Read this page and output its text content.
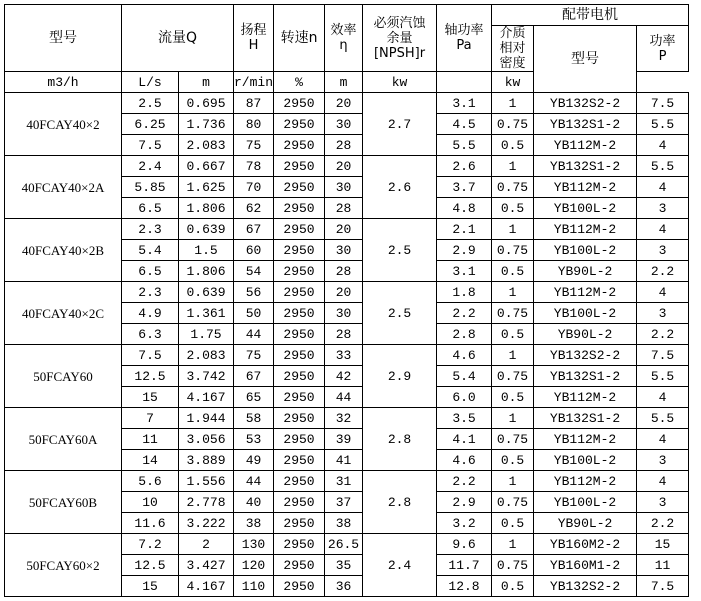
型号	流量Q		扬程
H	转速n	效率
η	必须汽蚀
余量
[NPSH]r	轴功率
Pa	配带电机		
								介质
相对
密度	型号	功率
P
m3/h	L/s	m	r/min	%	m	kw		kw		
40FCAY40×2	2.5	0.695	87	2950	20	2.7	3.1	1	YB132S2-2	7.5
	6.25	1.736	80	2950	30		4.5	0.75	YB132S1-2	5.5
	7.5	2.083	75	2950	28		5.5	0.5	YB112M-2	4
40FCAY40×2A	2.4	0.667	78	2950	20	2.6	2.6	1	YB132S1-2	5.5
	5.85	1.625	70	2950	30		3.7	0.75	YB112M-2	4
	6.5	1.806	62	2950	28		4.8	0.5	YB100L-2	3
40FCAY40×2B	2.3	0.639	67	2950	20	2.5	2.1	1	YB112M-2	4
	5.4	1.5	60	2950	30		2.9	0.75	YB100L-2	3
	6.5	1.806	54	2950	28		3.1	0.5	YB90L-2	2.2
40FCAY40×2C	2.3	0.639	56	2950	20	2.5	1.8	1	YB112M-2	4
	4.9	1.361	50	2950	30		2.2	0.75	YB100L-2	3
	6.3	1.75	44	2950	28		2.8	0.5	YB90L-2	2.2
50FCAY60	7.5	2.083	75	2950	33	2.9	4.6	1	YB132S2-2	7.5
	12.5	3.742	67	2950	42		5.4	0.75	YB132S1-2	5.5
	15	4.167	65	2950	44		6.0	0.5	YB112M-2	4
50FCAY60A	7	1.944	58	2950	32	2.8	3.5	1	YB132S1-2	5.5
	11	3.056	53	2950	39		4.1	0.75	YB112M-2	4
	14	3.889	49	2950	41		4.6	0.5	YB100L-2	3
50FCAY60B	5.6	1.556	44	2950	31	2.8	2.2	1	YB112M-2	4
	10	2.778	40	2950	37		2.9	0.75	YB100L-2	3
	11.6	3.222	38	2950	38		3.2	0.5	YB90L-2	2.2
50FCAY60×2	7.2	2	130	2950	26.5	2.4	9.6	1	YB160M2-2	15
	12.5	3.427	120	2950	35		11.7	0.75	YB160M1-2	11
	15	4.167	110	2950	36		12.8	0.5	YB132S2-2	7.5
